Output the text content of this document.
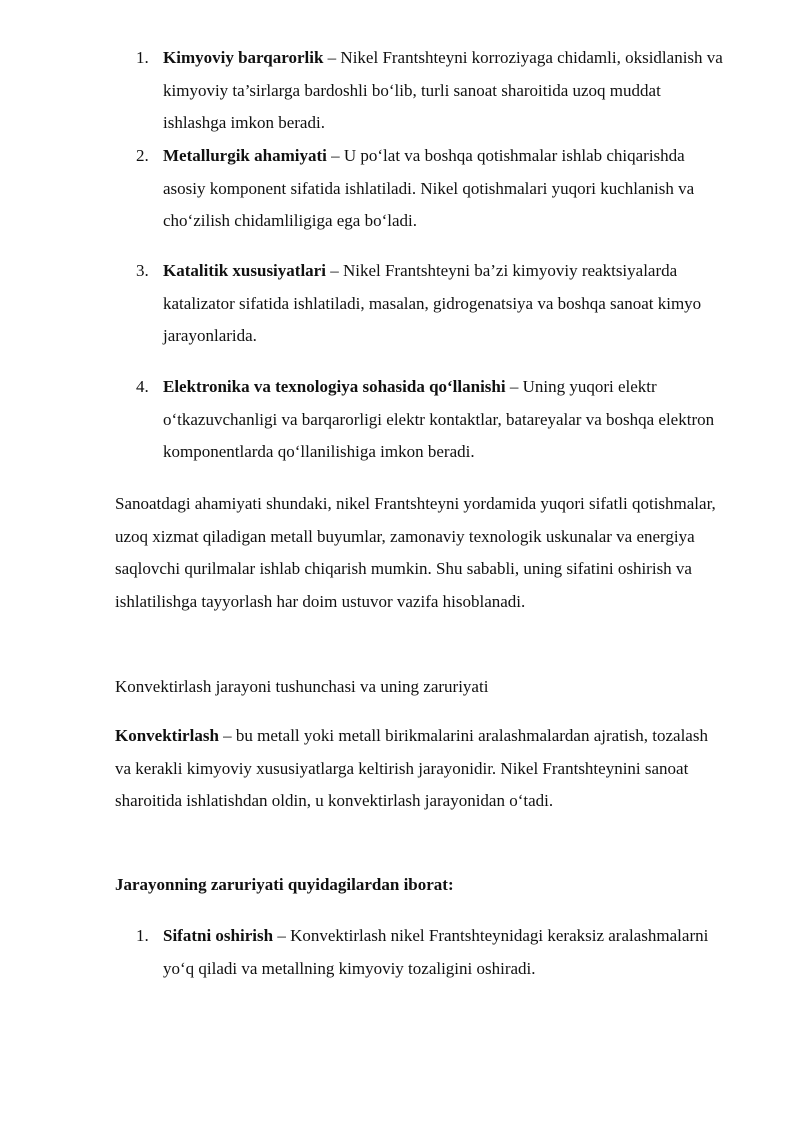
1. Kimyoviy barqarorlik – Nikel Frantshteyni korroziyaga chidamli, oksidlanish va kimyoviy ta’sirlarga bardoshli bo‘lib, turli sanoat sharoitida uzoq muddat ishlashga imkon beradi.
2. Metallurgik ahamiyati – U po‘lat va boshqa qotishmalar ishlab chiqarishda asosiy komponent sifatida ishlatiladi. Nikel qotishmalari yuqori kuchlanish va cho‘zilish chidamliligiga ega bo‘ladi.
3. Katalitik xususiyatlari – Nikel Frantshteyni ba’zi kimyoviy reaktsiyalarda katalizator sifatida ishlatiladi, masalan, gidrogenatsiya va boshqa sanoat kimyo jarayonlarida.
4. Elektronika va texnologiya sohasida qo‘llanishi – Uning yuqori elektr o‘tkazuvchanligi va barqarorligi elektr kontaktlar, batareyalar va boshqa elektron komponentlarda qo‘llanilishiga imkon beradi.
Sanoatdagi ahamiyati shundaki, nikel Frantshteyni yordamida yuqori sifatli qotishmalar, uzoq xizmat qiladigan metall buyumlar, zamonaviy texnologik uskunalar va energiya saqlovchi qurilmalar ishlab chiqarish mumkin. Shu sababli, uning sifatini oshirish va ishlatilishga tayyorlash har doim ustuvor vazifa hisoblanadi.
Konvektirlash jarayoni tushunchasi va uning zaruriyati
Konvektirlash – bu metall yoki metall birikmalarini aralashmalardan ajratish, tozalash va kerakli kimyoviy xususiyatlarga keltirish jarayonidir. Nikel Frantshteynini sanoat sharoitida ishlatishdan oldin, u konvektirlash jarayonidan o‘tadi.
Jarayonning zaruriyati quyidagilardan iborat:
1. Sifatni oshirish – Konvektirlash nikel Frantshteynidagi keraksiz aralashmalarni yo‘q qiladi va metallning kimyoviy tozaligini oshiradi.
